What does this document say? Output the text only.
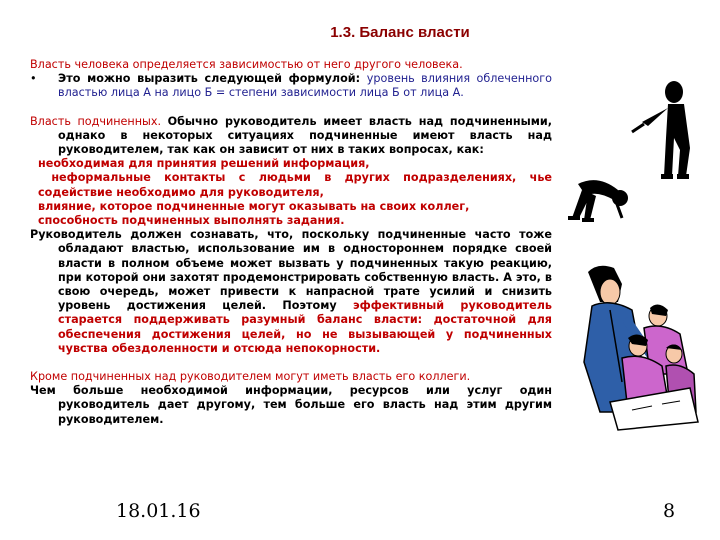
1.3. Баланс власти

Власть человека определяется зависимостью от него другого человека.

• Это можно выразить следующей формулой: уровень влияния облеченного властью лица А на лицо Б = степени зависимости лица Б от лица А.

Власть подчиненных. Обычно руководитель имеет власть над подчиненными, однако в некоторых ситуациях подчиненные имеют власть над руководителем, так как он зависит от них в таких вопросах, как:

необходимая для принятия решений информация,

неформальные контакты с людьми в других подразделениях, чье содействие необходимо для руководителя,

влияние, которое подчиненные могут оказывать на своих коллег,

способность подчиненных выполнять задания.

Руководитель должен сознавать, что, поскольку подчиненные часто тоже обладают властью, использование им в одностороннем порядке своей власти в полном объеме может вызвать у подчиненных такую реакцию, при которой они захотят продемонстрировать собственную власть. А это, в свою очередь, может привести к напрасной трате усилий и снизить уровень достижения целей. Поэтому эффективный руководитель старается поддерживать разумный баланс власти: достаточной для обеспечения достижения целей, но не вызывающей у подчиненных чувства обездоленности и отсюда непокорности.

Кроме подчиненных над руководителем могут иметь власть его коллеги.

Чем больше необходимой информации, ресурсов или услуг один руководитель дает другому, тем больше его власть над этим другим руководителем.

18.01.16	8
